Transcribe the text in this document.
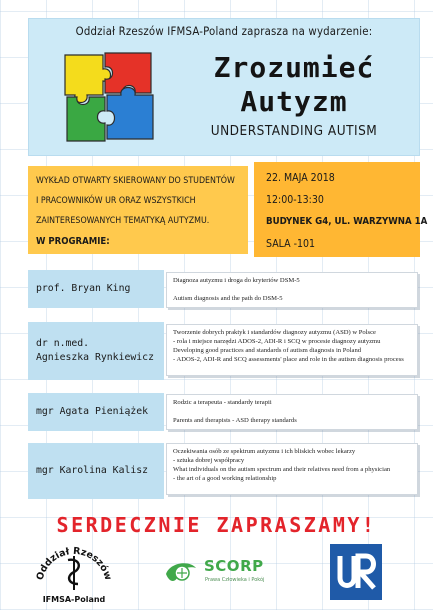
Oddział Rzeszów IFMSA-Poland zaprasza na wydarzenie:
Zrozumieć
Autyzm
UNDERSTANDING AUTISM
WYKŁAD OTWARTY SKIEROWANY DO STUDENTÓW
I PRACOWNIKÓW UR ORAZ WSZYSTKICH
ZAINTERESOWANYCH TEMATYKĄ AUTYZMU.
W PROGRAMIE:
22. MAJA 2018
12:00-13:30
BUDYNEK G4, UL. WARZYWNA 1A
SALA -101
prof. Bryan King
Diagnoza autyzmu i droga do kryteriów DSM-5

Autism diagnosis and the path do DSM-5
dr n.med.
Agnieszka Rynkiewicz
Tworzenie dobrych praktyk i standardów diagnozy autyzmu (ASD) w Polsce
- rola i miejsce narzędzi ADOS-2, ADI-R i SCQ w procesie diagnozy autyzmu
Developing good practices and standards of autism diagnosis in Poland
- ADOS-2, ADI-R and SCQ assessments' place and role in the autism diagnosis process
mgr Agata Pieniążek
Rodzic a terapeuta - standardy terapii

Parents and therapists - ASD therapy standards
mgr Karolina Kalisz
Oczekiwania osób ze spektrum autyzmu i ich bliskich wobec lekarzy
- sztuka dobrej współpracy
What individuals on the autism spectrum and their relatives need from a physician
- the art of a good working relationship
SERDECZNIE ZAPRASZAMY!
Oddział Rzeszów
IFMSA-Poland
SCORP
Prawa Człowieka i Pokój
UR
